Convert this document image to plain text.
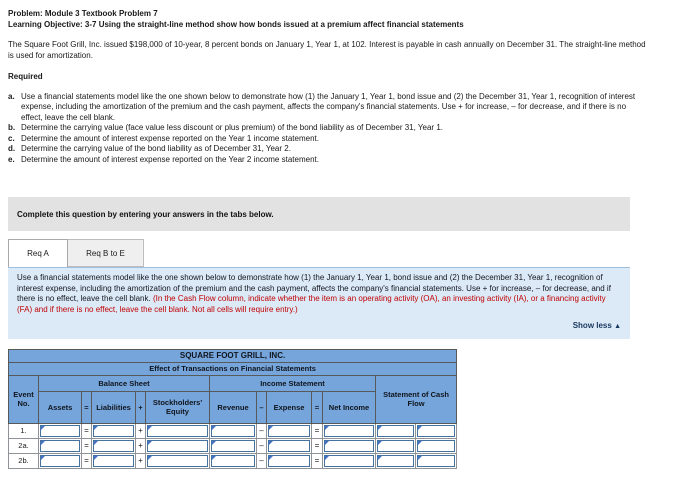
Problem: Module 3 Textbook Problem 7
Learning Objective: 3-7 Using the straight-line method show how bonds issued at a premium affect financial statements
The Square Foot Grill, Inc. issued $198,000 of 10-year, 8 percent bonds on January 1, Year 1, at 102. Interest is payable in cash annually on December 31. The straight-line method is used for amortization.
Required
a. Use a financial statements model like the one shown below to demonstrate how (1) the January 1, Year 1, bond issue and (2) the December 31, Year 1, recognition of interest expense, including the amortization of the premium and the cash payment, affects the company's financial statements. Use + for increase, – for decrease, and if there is no effect, leave the cell blank.
b. Determine the carrying value (face value less discount or plus premium) of the bond liability as of December 31, Year 1.
c. Determine the amount of interest expense reported on the Year 1 income statement.
d. Determine the carrying value of the bond liability as of December 31, Year 2.
e. Determine the amount of interest expense reported on the Year 2 income statement.
Complete this question by entering your answers in the tabs below.
Req A	Req B to E
Use a financial statements model like the one shown below to demonstrate how (1) the January 1, Year 1, bond issue and (2) the December 31, Year 1, recognition of interest expense, including the amortization of the premium and the cash payment, affects the company's financial statements. Use + for increase, – for decrease, and if there is no effect, leave the cell blank. (In the Cash Flow column, indicate whether the item is an operating activity (OA), an investing activity (IA), or a financing activity (FA) and if there is no effect, leave the cell blank. Not all cells will require entry.)
Show less ▲
SQUARE FOOT GRILL, INC.												
Effect of Transactions on Financial Statements												
Event No.	Balance Sheet					Income Statement					Statement of Cash Flow	
	Assets	=	Liabilities	+	Stockholders' Equity	Revenue	–	Expense	=	Net Income		
1.		=		+			–		=	

2a.		=		+			–		=	

2b.		=		+			–		=	
